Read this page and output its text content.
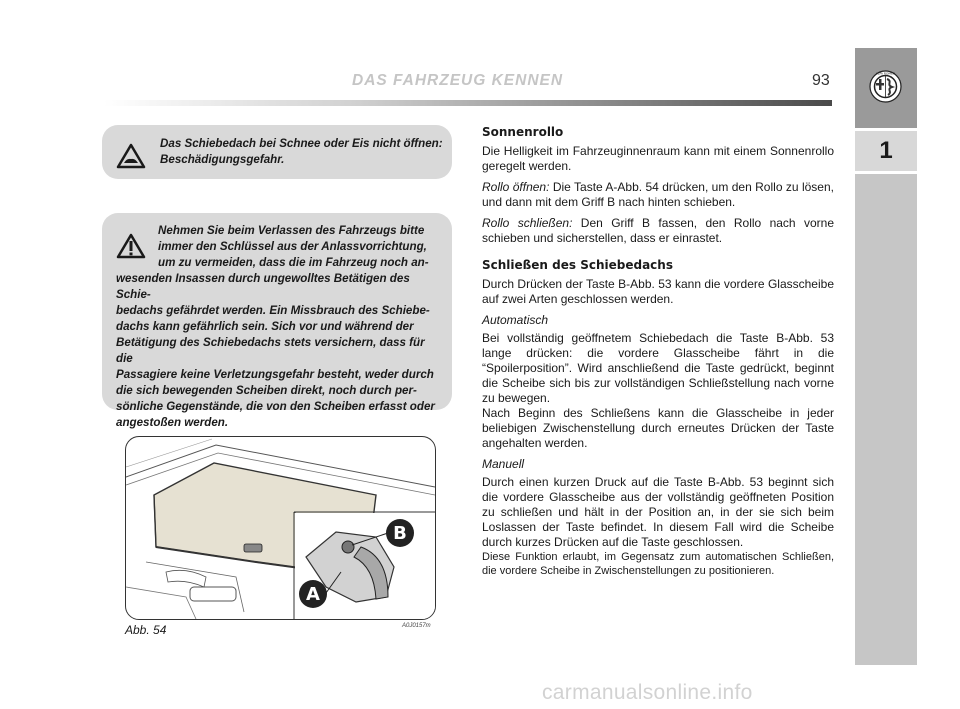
DAS FAHRZEUG KENNEN	93	ALFA ROMEO
1
Das Schiebedach bei Schnee oder Eis nicht öffnen:
Beschädigungsgefahr.
Nehmen Sie beim Verlassen des Fahrzeugs bitte
immer den Schlüssel aus der Anlassvorrichtung,
um zu vermeiden, dass die im Fahrzeug noch an-
wesenden Insassen durch ungewolltes Betätigen des Schie-
bedachs gefährdet werden. Ein Missbrauch des Schiebe-
dachs kann gefährlich sein. Sich vor und während der
Betätigung des Schiebedachs stets versichern, dass für die
Passagiere keine Verletzungsgefahr besteht, weder durch
die sich bewegenden Scheiben direkt, noch durch per-
sönliche Gegenstände, die von den Scheiben erfasst oder
angestoßen werden.
B
A
Abb. 54	A0J0157m
Sonnenrollo

Die Helligkeit im Fahrzeuginnenraum kann mit einem Sonnenrollo geregelt werden.

Rollo öffnen: Die Taste A-Abb. 54 drücken, um den Rollo zu lösen, und dann mit dem Griff B nach hinten schieben.

Rollo schließen: Den Griff B fassen, den Rollo nach vorne schieben und sicherstellen, dass er einrastet.

Schließen des Schiebedachs

Durch Drücken der Taste B-Abb. 53 kann die vordere Glasscheibe auf zwei Arten geschlossen werden.

Automatisch

Bei vollständig geöffnetem Schiebedach die Taste B-Abb. 53 lange drücken: die vordere Glasscheibe fährt in die “Spoilerposition”. Wird anschließend die Taste gedrückt, beginnt die Scheibe sich bis zur vollständigen Schließstellung nach vorne zu bewegen.

Nach Beginn des Schließens kann die Glasscheibe in jeder beliebigen Zwischenstellung durch erneutes Drücken der Taste angehalten werden.

Manuell

Durch einen kurzen Druck auf die Taste B-Abb. 53 beginnt sich die vordere Glasscheibe aus der vollständig geöffneten Position zu schließen und hält in der Position an, in der sie sich beim Loslassen der Taste befindet. In diesem Fall wird die Scheibe durch kurzes Drücken auf die Taste geschlossen.

Diese Funktion erlaubt, im Gegensatz zum automatischen Schließen, die vordere Scheibe in Zwischenstellungen zu positionieren.

carmanualsonline.info
